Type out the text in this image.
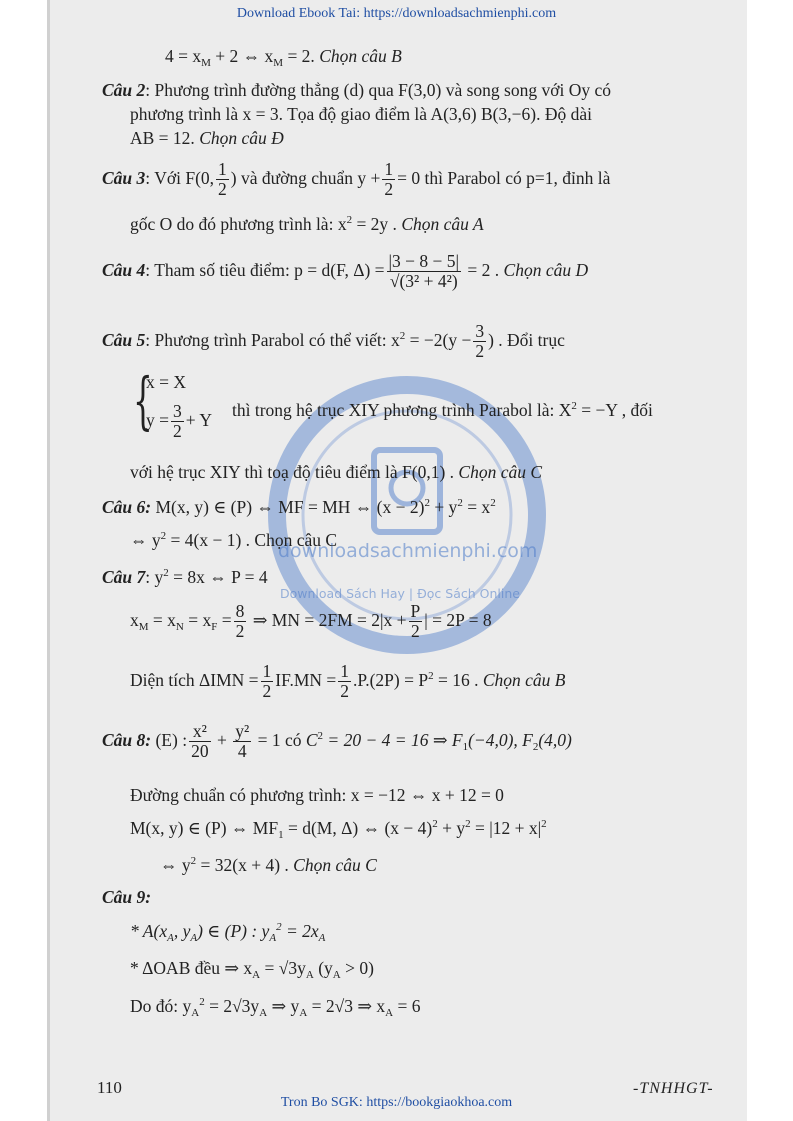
Download Ebook Tai: https://downloadsachmienphi.com
downloadsachmienphi.com
Download Sách Hay | Đọc Sách Online
$4 = x_M + 2$ ⇔ $x_M = 2$. Chọn câu B
Câu 2: Phương trình đường thẳng (d) qua F(3,0) và song song với Oy có
phương trình là x = 3. Tọa độ giao điểm là A(3,6) B(3,−6). Độ dài
AB = 12. Chọn câu Đ
Câu 3: Với F(0, $\frac{1}{2}$ ) và đường chuẩn $y + \frac{1}{2} = 0$ thì Parabol có p=1, đỉnh là
gốc O do đó phương trình là: $x^2 = 2y$ . Chọn câu A
Câu 4: Tham số tiêu điểm: p = d(F, $\Delta) = \frac{|3 - 8 - 5|}{\text{√(3² + 4²)}} = 2$ . Chọn câu D
Câu 5: Phương trình Parabol có thể viết: $x^2 = -2(y - \frac{3}{2}$ ) . Đổi trục
{
x = X
$y = \frac{3}{2} + Y$ thì trong hệ trục XIY phương trình Parabol là: $X^2 = -Y$ , đối
với hệ trục XIY thì toạ độ tiêu điểm là F(0,1) . Chọn câu C
Câu 6: M(x, y) ∈ (P) ⇔ MF = MH ⇔ $(x - 2)^2 + y^2 = x^2$
⇔ $y^2 = 4(x - 1)$ . Chọn câu C
Câu 7: $y^2 = 8x$ ⇔ P = 4
$x_M = x_N = x_F = \frac{8}{2}$ ⇒ MN = $2FM = 2|x + \frac{P}{2}$ | = 2P = 8
Diện tích $\Delta IMN = \frac{1}{2} IF.MN = \frac{1}{2} .P.(2P) = P^2 = 16$ . Chọn câu B
Câu 8: (E) : $\frac{\text{x²}}{20} + \frac{\text{y²}}{4} = 1$ có $C^2 = 20 - 4 = 16$ ⇒ $F_1(-4,0)$, $F_2(4,0)$
Đường chuẩn có phương trình: x = −12 ⇔ x + 12 = 0
M(x, y) ∈ (P) ⇔ $MF_1 = d(M$, Δ) ⇔ $(x - 4)^2 + y^2 = |12 + x|^2$
⇔ $y^2 = 32(x + 4)$ . Chọn câu C
Câu 9:
* $A(x_A$, $y_A$) ∈ (P) : $y_A^2 = 2x_A$
* ΔOAB đều ⇒ $x_A = √3y_A$ $(y_A > 0)$
Do đó: $y_A^2 = 2√3y_A$ ⇒ $y_A = 2√3$ ⇒ $x_A = 6$
110	-TNHHGT-
Tron Bo SGK: https://bookgiaokhoa.com
